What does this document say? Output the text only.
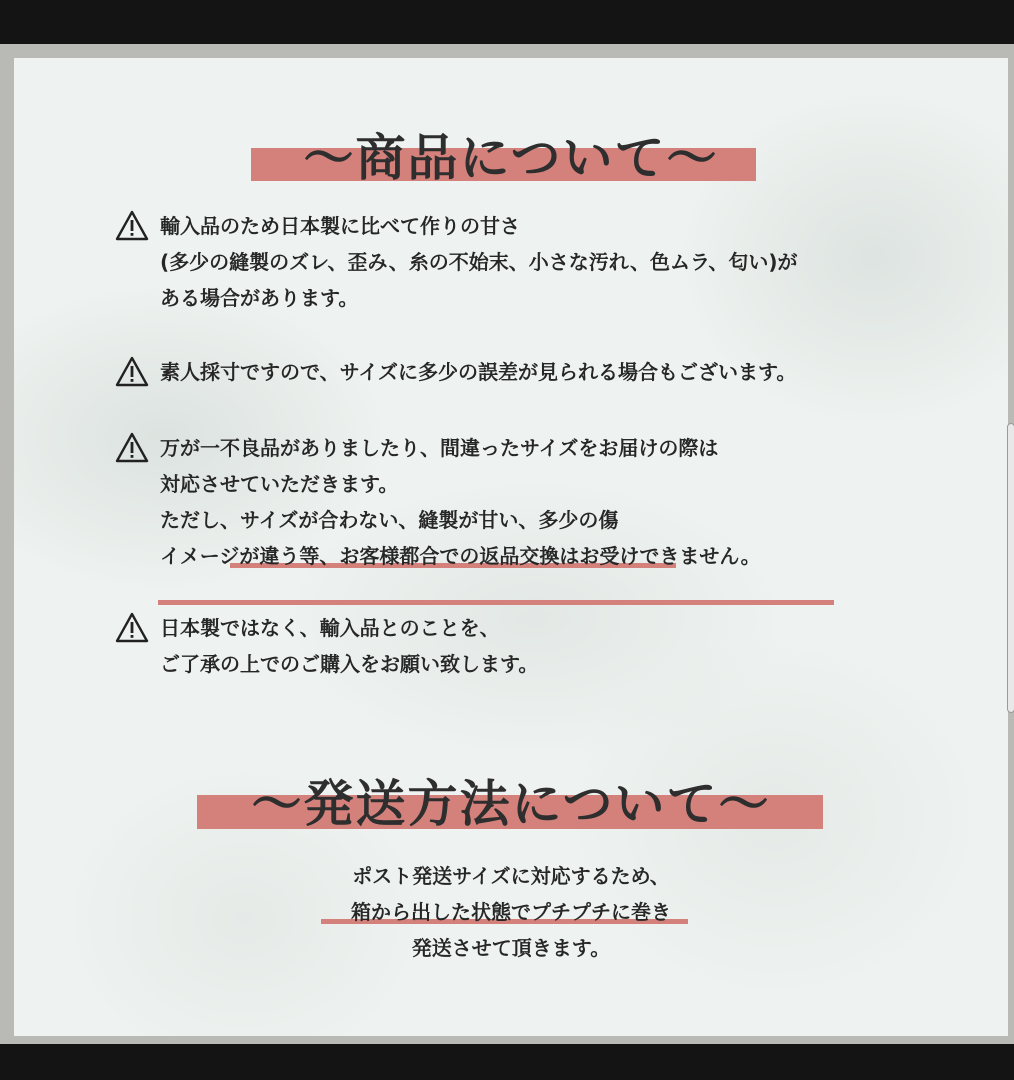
〜商品について〜
輸入品のため日本製に比べて作りの甘さ
(多少の縫製のズレ、歪み、糸の不始末、小さな汚れ、色ムラ、匂い)が
ある場合があります。
素人採寸ですので、サイズに多少の誤差が見られる場合もございます。
万が一不良品がありましたり、間違ったサイズをお届けの際は
対応させていただきます。
ただし、サイズが合わない、縫製が甘い、多少の傷
イメージが違う等、お客様都合での返品交換はお受けできません。
日本製ではなく、輸入品とのことを、
ご了承の上でのご購入をお願い致します。
〜発送方法について〜
ポスト発送サイズに対応するため、
箱から出した状態でプチプチに巻き
発送させて頂きます。
